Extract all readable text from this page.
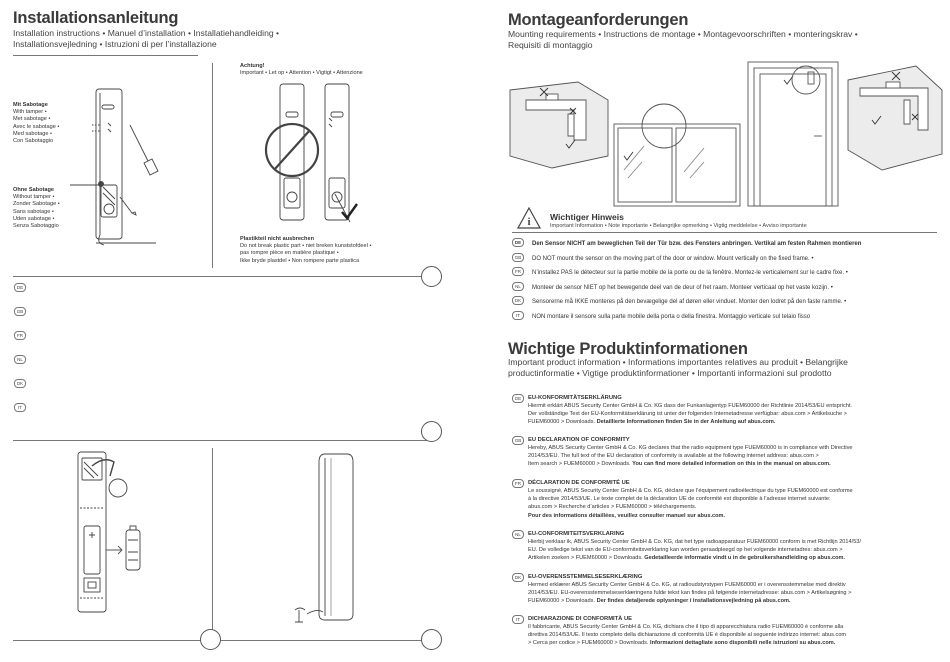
Installationsanleitung
Installation instructions • Manuel d’installation • Installatiehandleiding •
Installationsvejledning • Istruzioni di per l’installazione
Mit Sabotage
With tamper •
Met sabotage •
Avec le sabotage •
Med sabotage •
Con Sabotaggio
Ohne Sabotage
Without tamper •
Zonder Sabotage •
Sans sabotage •
Uden sabotage •
Senza Sabotaggio
Achtung!
Important • Let op • Attention • Vigtigt • Attenzione
Plastikteil nicht ausbrechen
Do not break plastic part • niet breken kunststofdeel •
pas rompre pièce en matière plastique •
Ikke bryde plastdel • Non rompere parte plastica
DE
GB
FR
NL
DK
IT
Montageanforderungen
Mounting requirements • Instructions de montage • Montagevoorschriften • monteringskrav •
Requisiti di montaggio
i Wichtiger Hinweis
Important Information • Note importante • Belangrijke opmerking • Vigtig meddelelse • Avviso importante
DE Den Sensor NICHT am beweglichen Teil der Tür bzw. des Fensters anbringen. Vertikal am festen Rahmen montieren
GB DO NOT mount the sensor on the moving part of the door or window. Mount vertically on the fixed frame. •
FR N’installez PAS le détecteur sur la partie mobile de la porte ou de la fenêtre. Montez-le verticalement sur le cadre fixe. •
NL Monteer de sensor NIET op het bewegende deel van de deur of het raam. Monteer verticaal op het vaste kozijn. •
DK Sensorerne må IKKE monteres på den bevægelige del af døren eller vinduet. Monter den lodret på den faste ramme. •
IT NON montare il sensore sulla parte mobile della porta o della finestra. Montaggio verticale sul telaio fisso
Wichtige Produktinformationen
Important product information • Informations importantes relatives au produit • Belangrijke
productinformatie • Vigtige produktinformationer • Importanti informazioni sul prodotto
DE	EU-KONFORMITÄTSERKLÄRUNG
Hiermit erklärt ABUS Security Center GmbH & Co. KG dass der Funkanlagentyp FUEM60000 der Richtlinie 2014/53/EU entspricht.
Der vollständige Text der EU-Konformitätserklärung ist unter der folgenden Internetadresse verfügbar: abus.com > Artikelsuche >
FUEM60000 > Downloads. Detaillierte Informationen finden Sie in der Anleitung auf abus.com.
GB	EU DECLARATION OF CONFORMITY
Hereby, ABUS Security Center GmbH & Co. KG declares that the radio equipment type FUEM60000 is in compliance with Directive
2014/53/EU. The full text of the EU declaration of conformity is available at the following internet address: abus.com >
Item search > FUEM60000 > Downloads. You can find more detailed information on this in the manual on abus.com.
FR	DÉCLARATION DE CONFORMITÉ UE
Le soussigné, ABUS Security Center GmbH & Co. KG, déclare que l’équipement radioélectrique du type FUEM60000 est conforme
à la directive 2014/53/UE. Le texte complet de la déclaration UE de conformité est disponible à l’adresse internet suivante:
abus.com > Recherche d’articles > FUEM60000 > téléchargements.
Pour des informations détaillées, veuillez consulter manuel sur abus.com.
NL	EU-CONFORMITEITSVERKLARING
Hierbij verklaar ik, ABUS Security Center GmbH & Co. KG, dat het type radioapparatuur FUEM60000 conform is met Richtlijn 2014/53/
EU. De volledige tekst van de EU-conformiteitsverklaring kan worden geraadpleegd op het volgende internetadres: abus.com >
Artikelen zoeken > FUEM60000 > Downloads. Gedetailleerde informatie vindt u in de gebruikershandleiding op abus.com.
DK	EU-OVERENSSTEMMELSESERKLÆRING
Hermed erklærer ABUS Security Center GmbH & Co. KG, at radioudstyrstypen FUEM60000 er i overensstemmelse med direktiv
2014/53/EU. EU-overensstemmelseserklæringens fulde tekst kan findes på følgende internetadresse: abus.com > Artikelsøgning >
FUEM60000 > Downloads. Der findes detaljerede oplysninger i installationsvejledning på abus.com.
IT	DICHIARAZIONE DI CONFORMITÀ UE
Il fabbricante, ABUS Security Center GmbH & Co. KG, dichiara che il tipo di apparecchiatura radio FUEM60000 è conforme alla
direttiva 2014/53/UE. Il testo completo della dichiarazione di conformità UE è disponibile al seguente indirizzo internet: abus.com
> Cerca per codice > FUEM60000 > Downloads. Informazioni dettagliate sono disponibili nelle istruzioni su abus.com.
